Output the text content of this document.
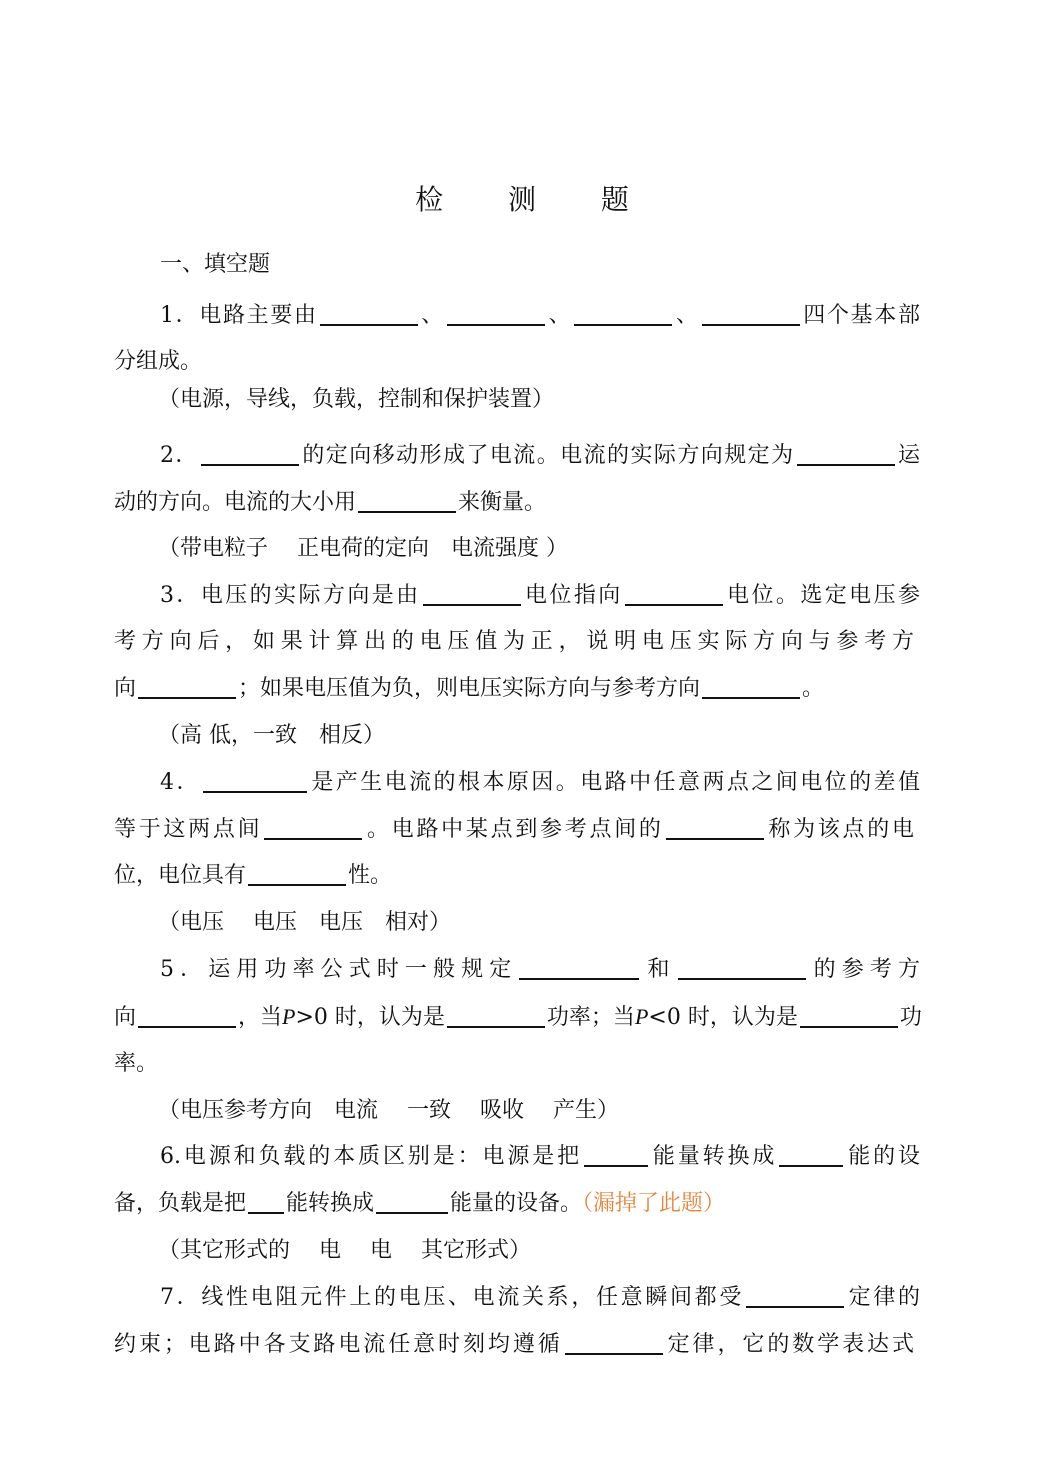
检 测 题
一、填空题
1．电路主要由	、	、	、	四个基本部
分组成。
（电源，导线，负载，控制和保护装置）
2．	的定向移动形成了电流。电流的实际方向规定为	运
动的方向。电流的大小用	来衡量。
（带电粒子　 正电荷的定向　电流强度 ）
3．电压的实际方向是由	电位指向	电位。选定电压参
考方向后，如果计算出的电压值为正，说明电压实际方向与参考方
向	；如果电压值为负，则电压实际方向与参考方向	。
（高 低，一致　相反）
4．	是产生电流的根本原因。电路中任意两点之间电位的差值
等于这两点间	。电路中某点到参考点间的	称为该点的电
位，电位具有	性。
（电压　 电压　电压　相对）
5．运用功率公式时一般规定	和	的参考方
向	，当P>0 时，认为是	功率；当P<0 时，认为是	功
率。
（电压参考方向　电流　 一致　 吸收　 产生）
6.电源和负载的本质区别是：电源是把	能量转换成	能的设
备，负载是把 能转换成	能量的设备。（漏掉了此题）
（其它形式的　 电　 电　 其它形式）
7．线性电阻元件上的电压、电流关系，任意瞬间都受	定律的
约束；电路中各支路电流任意时刻均遵循	定律，它的数学表达式
